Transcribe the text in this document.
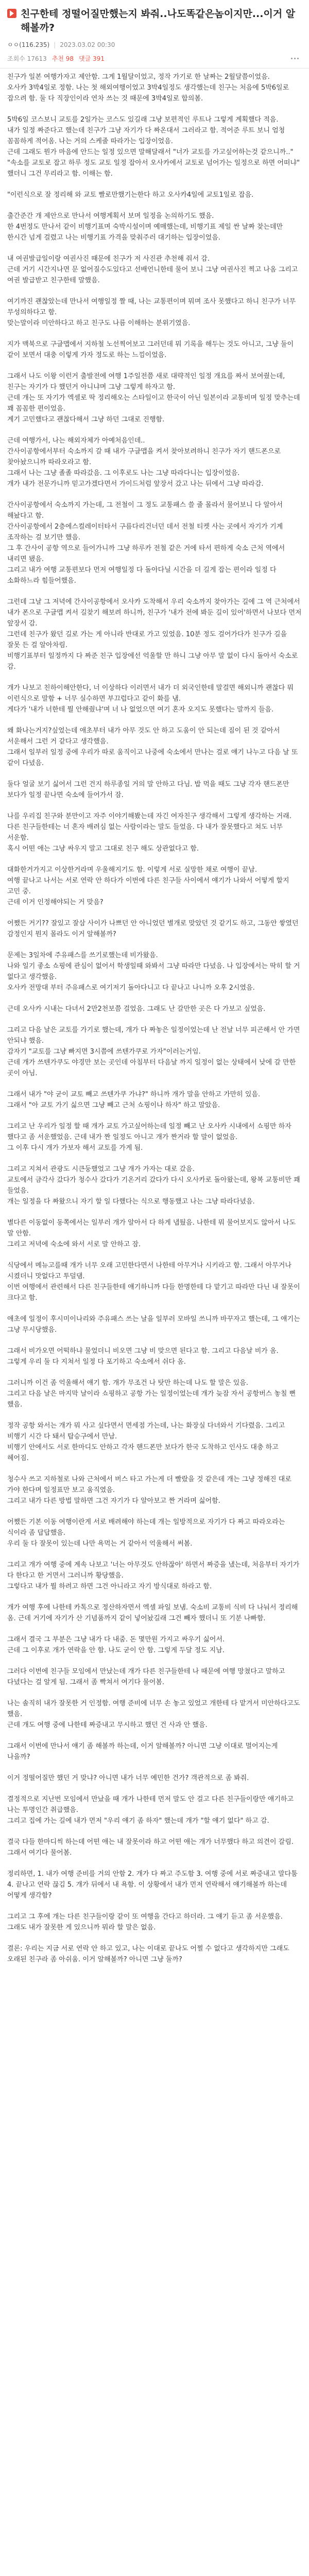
친구한테 정떨어질만했는지 봐줘..나도똑같은놈이지만...이거 알해볼까?
ㅇㅇ(116.235) | 2023.03.02 00:30
조회수 17613 추천 98 댓글 391

친구가 일본 여행가자고 제안함. 그게 1월달이었고, 정작 가기로 한 날짜는 2월달쯤이었음.
오사카 3박4일로 정함. 나는 첫 해외여행이었고 3박4일정도 생각했는데 친구는 처음에 5박6일로 잡으려 함. 둘 다 직장인이라 연차 쓰는 것 때문에 3박4일로 합의봄.

5박6일 코스보니 교토를 2일가는 코스도 있길래 그냥 보편적인 루트나 그렇게 계획했다 적음.
내가 일정 짜준다고 했는데 친구가 그냥 자기가 다 짜온대서 그러라고 함. 적어준 루트 보니 엄청 꼼꼼하게 적어옴. 나는 거의 스케줄 따라가는 입장이었음.
근데 그래도 뭔가 마음에 안드는 일정 있으면 말해달래서 "너가 교토를 가고싶어하는것 같으니까.." "속소를 교토로 잡고 하루 정도 교토 일정 잡아서 오사카에서 교토로 넘어가는 일정으로 하면 어떠냐" 했더니 그건 무리라고 함. 이해는 함.

"이런식으로 잘 정리해 와 교토 빨로만했기는한다 하고 오사카4일에 교토1일로 잡음.

출간준간 개 제안으로 만나서 여행계획서 보며 일정을 논의하기도 했음.
한 4번정도 만나서 같이 비행기표며 숙박시설이며 예매했는데, 비행기표 제일 싼 날짜 찾는데만 한시간 넘게 걸렸고 나는 비행기표 가격을 맞춰주러 대기하는 입장이었음.

내 여권발급일이랑 여권사진 때문에 친구가 저 사진관 추천해 줘서 감.
근데 거기 시간지나면 문 없어질수도있다고 선배언니한테 물어 보니 그냥 여권사진 찍고 나옴 그리고 여권 발급받고 친구한테 말했음.

여기까진 괜찮았는데 만나서 여행일정 짤 때, 나는 교통편이며 뭐며 조사 못했다고 하니 친구가 너무 무성의하다고 함.
맞는말이라 미안하다고 하고 친구도 나름 이해하는 분위기였음.

지가 맥북으로 구글맵에서 지하철 노선찍어보고 그러던데 뭐 기록을 해두는 것도 아니고, 그냥 둘이 같이 보면서 대충 이렇게 가자 정도로 하는 느낌이었음.

그래서 나도 이왕 이런거 출발전에 여행 1주일전쯤 새로 대략적인 일정 개요를 짜서 보여줬는데, 친구는 자기가 다 했던거 아니냐며 그냥 그렇게 하자고 함.
근데 개는 또 자기가 엑셀로 딱 정리해오는 스타일이고 한국이 아닌 일본이라 교통비며 일정 맞추는데 꽤 꼼꼼한 편이었음.
계기 고민했다고 괜찮다해서 그냥 하던 그대로 진행함.

근데 여행가서, 나는 해외자체가 아예처음인데..
간사이공항에서부터 숙소까지 갈 때 내가 구글맵을 켜서 찾아보려하니 친구가 자기 핸드폰으로 찾아놨으니까 따라오라고 함.
그래서 나는 그냥 졸졸 따라갔음. 그 이후로도 나는 그냥 따라다니는 입장이었음.
개가 내가 전문가니까 믿고가겠다면서 가이드처럼 앞장서 갔고 나는 뒤에서 그냥 따라감.

간사이공항에서 숙소까지 가는데, 그 전철이 그 정도 교통패스 쓸 줄 몰라서 물어보니 다 알아서 해놨다고 함.
간사이공항에서 2층에스컬레이터타서 구름다리건너던 데서 전철 티켓 사는 곳에서 자기가 기계 조작하는 걸 보기만 했음.
그 후 간사이 공항 역으로 들어가니까 그냥 하루카 전철 같은 거에 타서 편하게 숙소 근처 역에서 내리면 됐음.
그리고 내가 여행 교통편보다 먼저 여행일정 다 돌아다닐 시간을 더 길게 잡는 편이라 일정 다 소화하느라 힘들어했음.

그런데 그날 그 저녁에 간사이공항에서 오사카 도착해서 우리 숙소까지 찾아가는 길에 그 역 근처에서 내가 폰으로 구글맵 켜서 길찾기 해보려 하니까, 친구가 '내가 전에 봐둔 길이 있어'하면서 나보다 먼저 앞장서 감.
그런데 친구가 왔던 길로 가는 게 아니라 반대로 가고 있었음. 10분 정도 걸어가다가 친구가 길을 잘못 든 걸 알아차림.
비행기표부터 일정까지 다 짜준 친구 입장에선 억울할 만 하니 그냥 아무 말 없이 다시 돌아서 숙소로 감.

개가 나보고 친하이해안한다, 너 이상하다 이러면서 내가 더 외국인한테 말걸면 해외니까 괜찮다 뭐 이런식으로 말함 + 너무 실수하면 부끄럽다고 같이 화를 냄.
게다가 '내가 너한테 뭘 안해줬냐'며 너 나 없었으면 여기 혼자 오지도 못했다는 말까지 들음.

왜 화나는거지?싶었는데 애초부터 내가 아무 것도 안 하고 도움이 안 되는데 짐이 된 것 같아서 서운해서 그런 거 같다고 생각했음.
그래서 일부러 일정 중에 우리가 따로 움직이고 나중에 숙소에서 만나는 걸로 얘기 나누고 다음 날 또 같이 다녔음.

둘다 얼굴 보기 싫어서 그런 건지 하루종일 거의 말 안하고 다님. 밥 먹을 때도 그냥 각자 핸드폰만 보다가 일정 끝나면 숙소에 들어가서 잠.

나를 우리집 친구와 분만이고 자주 이야기해봤는데 자긴 여자친구 생각해서 그렇게 생각하는 거래. 다른 친구들한테는 너 혼자 배려심 없는 사람이라는 말도 들었음. 다 내가 잘못했다고 쳐도 너무 서운함.
혹시 어떤 애는 그냥 싸우지 말고 그대로 친구 해도 상관없다고 함.

대화한거가지고 이상한거라며 우울해지기도 함. 이렇게 서로 실망한 채로 여행이 끝남.
여행 끝나고 나서는 서로 연락 안 하다가 이번에 다른 친구들 사이에서 얘기가 나와서 어떻게 할지 고민 중.
근데 이거 인정해야되는 거 맞음?

어쨌든 거기?? 잘있고 잘삼 사이가 나쁘던 안 아니었던 별개로 맞았던 것 같기도 하고, 그동안 쌓였던 감정인지 뭔지 몰라도 이거 알해볼까?

문제는 3일차에 주유패스를 쓰기로했는데 비가왔음.
나와 일기 좋소 쇼핑에 관심이 없어서 학생일때 와봐서 그냥 따라만 다녔음. 나 입장에서는 딱히 할 거 없다고 생각했음.
오사카 전망대 부터 주유패스로 여기저기 돌아다니고 다 끝나고 나니까 오후 2시였음.

근데 오사카 시내는 다녀서 2만2천보쯤 걸었음. 그래도 난 갈만한 곳은 다 가보고 싶었음.

그리고 다음 날은 교토를 가기로 했는데, 개가 다 짜놓은 일정이었는데 난 전날 너무 피곤해서 안 가면 안되냐 했음.
감자기 "교토를 그냥 빠지면 3시쯤에 쓰텐가쿠로 가자"이러는거임.
근데 개가 쓰텐가쿠도 야경만 보는 곳인데 아침부터 다음날 까지 일정이 없는 상태에서 낮에 갈 만한 곳이 아님.

그래서 내가 "야 굳이 교토 빼고 쓰텐가쿠 가냐?" 하니까 개가 말을 안하고 가만히 있음.
그래서 "아 교토 가기 싫으면 그냥 빼고 근처 쇼핑이나 하자" 하고 말았음.

그리고 난 우리가 일정 할 때 개가 교토 가고싶어하는데 일정 빼고 난 오사카 시내에서 쇼핑만 하자 했다고 좀 서운했었음. 근데 내가 짠 일정도 아니고 개가 짠거라 할 말이 없었음.
그 이후 다시 개가 가보자 해서 교토를 가게 됨.

그리고 지쳐서 관광도 시큰둥했었고 그냥 개가 가자는 대로 갔음.
교토에서 금각사 갔다가 청수사 갔다가 기온거리 갔다가 다시 오사카로 돌아왔는데, 왕복 교통비만 꽤 들었음.
개는 일정을 다 짜왔으니 자기 할 일 다했다는 식으로 행동했고 나는 그냥 따라다녔음.

별다른 이동없이 동쪽에서는 일부러 개가 알아서 다 하게 냅뒀음. 나한테 뭐 물어보지도 않아서 나도 말 안함.
그리고 저녁에 숙소에 와서 서로 말 안하고 잠.

식당에서 메뉴고를때 개가 너무 오래 고민한다면서 나한테 아무거나 시키라고 함. 그래서 아무거나 시켰더니 맛없다고 투덜댐.
이번 여행에서 관련해서 다른 친구들한테 얘기하니까 다들 한명한테 다 맡기고 따라만 다닌 내 잘못이 크다고 함.

애초에 일정이 후시미이나리와 주유패스 쓰는 날을 일부러 모바일 쓰니까 바꾸자고 했는데, 그 얘기는 그냥 무시당했음.

그래서 비가오면 어떡하냐 물었더니 비오면 그냥 비 맞으면 된다고 함. 그리고 다음날 비가 옴.
그렇게 우리 둘 다 지쳐서 일정 다 포기하고 숙소에서 쉬다 옴.

그러니까 이건 좀 억울해서 얘기 함. 개가 무조건 나 탓만 하는데 나도 할 말은 있음.
그리고 다음 날은 마지막 날이라 쇼핑하고 공항 가는 일정이었는데 개가 늦잠 자서 공항버스 놓칠 뻔 했음.

정작 공항 와서는 개가 뭐 사고 싶다면서 면세점 가는데, 나는 화장실 다녀와서 기다렸음. 그리고 비행기 시간 다 돼서 탑승구에서 만남.
비행기 안에서도 서로 한마디도 안하고 각자 핸드폰만 보다가 한국 도착하고 인사도 대충 하고 헤어짐.

청수사 쓰고 지하철로 나와 근처에서 버스 타고 가는게 더 빨랐을 것 같은데 개는 그냥 정해진 대로 가야 한다며 일정표만 보고 움직였음.
그리고 내가 다른 방법 말하면 그건 자기가 다 알아보고 짠 거라며 싫어함.

어쨌든 기본 이동 여행이란게 서로 배려해야 하는데 개는 일방적으로 자기가 다 짜고 따라오라는 식이라 좀 답답했음.
우리 둘 다 잘못이 있는데 나만 욕먹는 거 같아서 억울해서 써봄.

그리고 개가 여행 중에 계속 나보고 '너는 아무것도 안하잖아' 하면서 짜증을 냈는데, 처음부터 자기가 다 한다고 한 거면서 그러니까 황당했음.
그렇다고 내가 뭘 하려고 하면 그건 아니라고 자기 방식대로 하라고 함.

개가 여행 후에 나한테 카톡으로 정산하자면서 엑셀 파일 보냄. 숙소비 교통비 식비 다 나눠서 정리해 옴. 근데 거기에 자기가 산 기념품까지 같이 넣어놨길래 그건 빼자 했더니 또 기분 나빠함.

그래서 결국 그 부분은 그냥 내가 다 내줌. 돈 몇만원 가지고 싸우기 싫어서.
근데 그 이후로 개가 연락을 안 함. 나도 굳이 안 함. 그렇게 두달 정도 지남.

그러다 이번에 친구들 모임에서 만났는데 개가 다른 친구들한테 나 때문에 여행 망쳤다고 말하고 다녔다는 걸 알게 됨. 그래서 좀 빡쳐서 여기다 물어봄.

나는 솔직히 내가 잘못한 거 인정함. 여행 준비에 너무 손 놓고 있었고 개한테 다 맡겨서 미안하다고도 했음.
근데 개도 여행 중에 나한테 짜증내고 무시하고 했던 건 사과 안 했음.

그래서 이번에 만나서 얘기 좀 해볼까 하는데, 이거 알해볼까? 아니면 그냥 이대로 멀어지는게 나을까?

이거 정떨어질만 했던 거 맞냐? 아니면 내가 너무 예민한 건가? 객관적으로 좀 봐줘.

결정적으로 지난번 모임에서 만났을 때 개가 나한테 먼저 말도 안 걸고 다른 친구들이랑만 얘기하고 나는 투명인간 취급했음.
그리고 집에 가는 길에 내가 먼저 "우리 얘기 좀 하자" 했는데 개가 "할 얘기 없다" 하고 감.

결국 다들 한마디씩 하는데 어떤 애는 내 잘못이라 하고 어떤 애는 개가 너무했다 하고 의견이 갈림. 그래서 여기다 물어봄.

정리하면, 1. 내가 여행 준비를 거의 안함 2. 개가 다 짜고 주도함 3. 여행 중에 서로 짜증내고 말다툼 4. 끝나고 연락 끊김 5. 개가 뒤에서 내 욕함. 이 상황에서 내가 먼저 연락해서 얘기해볼까 하는데 어떻게 생각함?

그리고 그 후에 개는 다른 친구들이랑 같이 또 여행을 간다고 하더라. 그 얘기 듣고 좀 서운했음. 그래도 내가 잘못한 게 있으니까 뭐라 할 말은 없음.

결론: 우리는 지금 서로 연락 안 하고 있고, 나는 이대로 끝나도 어쩔 수 없다고 생각하지만 그래도 오래된 친구라 좀 아쉬움. 이거 알해볼까? 아니면 그냥 둘까?
